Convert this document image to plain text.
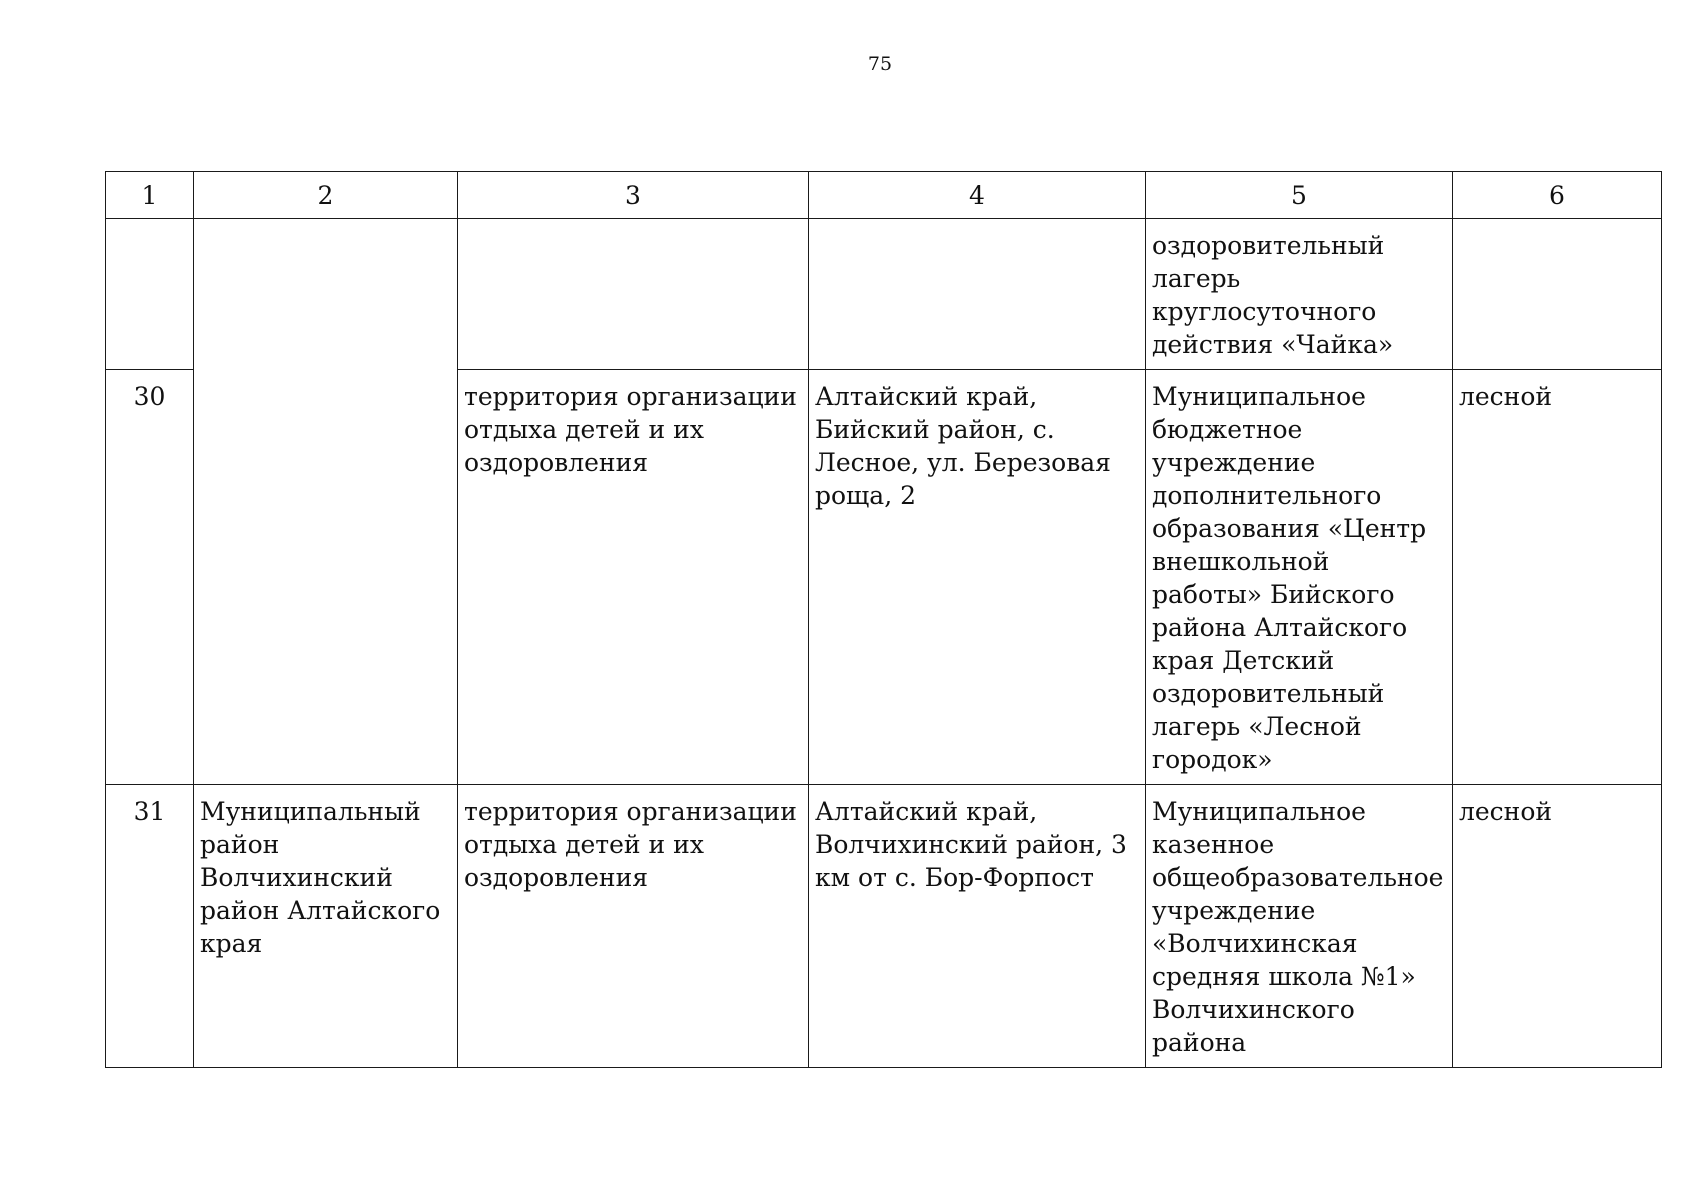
75
1	2	3	4	5	6
				оздоровительный лагерь круглосуточного действия «Чайка»	
30		территория организации отдыха детей и их оздоровления	Алтайский край, Бийский район, с. Лесное, ул. Березовая роща, 2	Муниципальное бюджетное учреждение дополнительного образования «Центр внешкольной работы» Бийского района Алтайского края Детский оздоровительный лагерь «Лесной городок»	лесной
31	Муниципальный район Волчихинский район Алтайского края	территория организации отдыха детей и их оздоровления	Алтайский край, Волчихинский район, 3 км от с. Бор-Форпост	Муниципальное казенное общеобразовательное учреждение «Волчихинская средняя школа №1» Волчихинского района	лесной
